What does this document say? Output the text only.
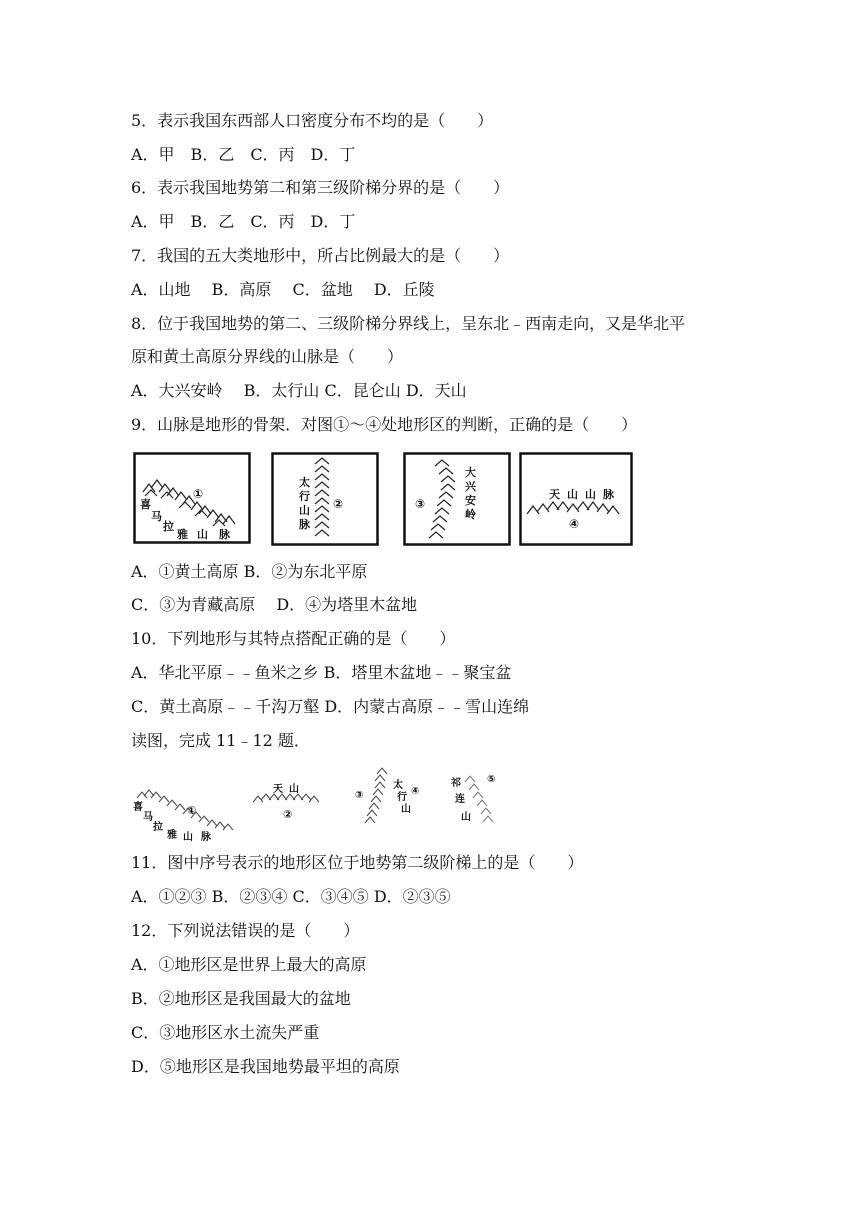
5．表示我国东西部人口密度分布不均的是（　　）
A．甲　B．乙　C．丙　D．丁
6．表示我国地势第二和第三级阶梯分界的是（　　）
A．甲　B．乙　C．丙　D．丁
7．我国的五大类地形中，所占比例最大的是（　　）
A．山地　 B．高原　 C．盆地　 D．丘陵
8．位于我国地势的第二、三级阶梯分界线上，呈东北﹣西南走向，又是华北平
原和黄土高原分界线的山脉是（　　）
A．大兴安岭　 B．太行山 C．昆仑山 D．天山
9．山脉是地形的骨架．对图①～④处地形区的判断，正确的是（　　）
喜
马
拉
雅 山 脉
①
太
行
山
脉
②
大
兴
安
岭
③
天 山 山 脉
④
A．①黄土高原 B．②为东北平原
C．③为青藏高原　 D．④为塔里木盆地
10．下列地形与其特点搭配正确的是（　　）
A．华北平原﹣﹣鱼米之乡 B．塔里木盆地﹣﹣聚宝盆
C．黄土高原﹣﹣千沟万壑 D．内蒙古高原﹣﹣雪山连绵
读图，完成 11﹣12 题．
喜
马
拉
雅 山 脉
①
天 山
②
太
行
山
③	④
祁
连
山
⑤
11．图中序号表示的地形区位于地势第二级阶梯上的是（　　）
A．①②③ B．②③④ C．③④⑤ D．②③⑤
12．下列说法错误的是（　　）
A．①地形区是世界上最大的高原
B．②地形区是我国最大的盆地
C．③地形区水土流失严重
D．⑤地形区是我国地势最平坦的高原
